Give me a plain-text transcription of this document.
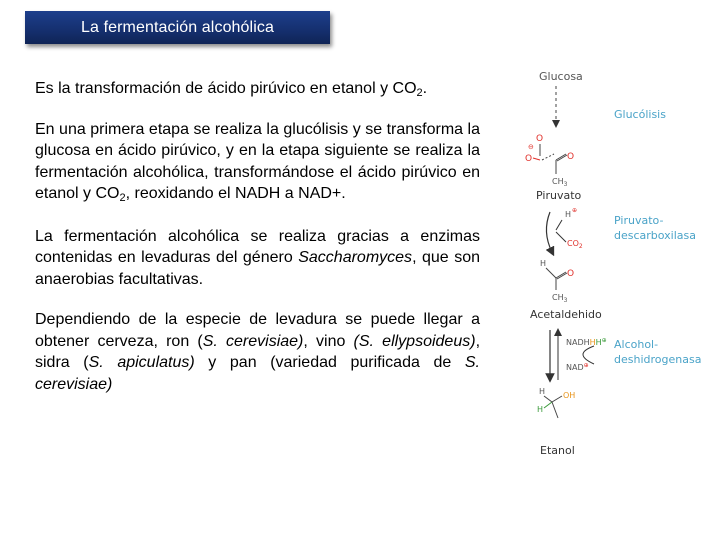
La fermentación alcohólica

Es la transformación de ácido pirúvico en etanol y $CO_2$.

En una primera etapa se realiza la glucólisis y se transforma la glucosa en ácido pirúvico, y en la etapa siguiente se realiza la fermentación alcohólica, transformándose el ácido pirúvico en etanol y $CO_2$, reoxidando el NADH a NAD+.

La fermentación alcohólica se realiza gracias a enzimas contenidas en levaduras del género Saccharomyces, que son anaerobias facultativas.

Dependiendo de la especie de levadura se puede llegar a obtener cerveza, ron (S. cerevisiae), vino (S. ellypsoideus), sidra (S. apiculatus) y pan (variedad purificada de S. cerevisiae)

Glucosa
Glucólisis
⊖
O
O	O
$CH_3$
Piruvato
H ⊕
$CO_2$
Piruvato-
descarboxilasa
H
O
$CH_3$
Acetaldehido
NADHHH⊕
NAD⊕
Alcohol-
deshidrogenasa
H
H
OH
Etanol
